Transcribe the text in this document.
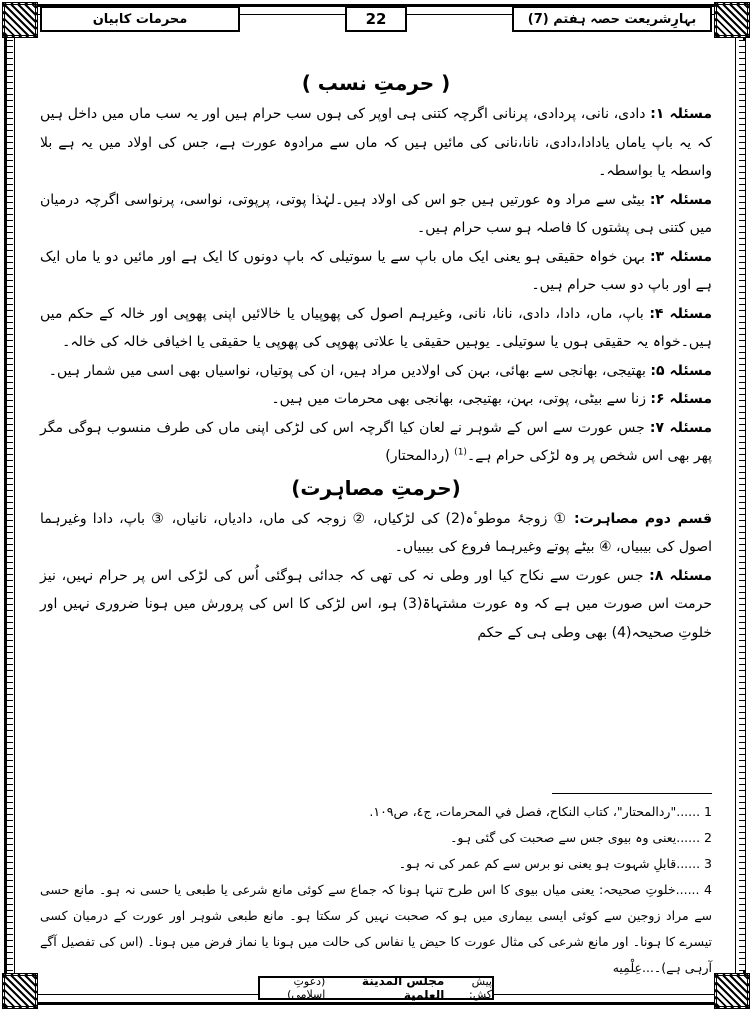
بہارِشریعت حصہ ہفتم (7)
22
محرمات کابیان

( حرمتِ نسب )

مسئلہ ۱: دادی، نانی، پردادی، پرنانی اگرچہ کتنی ہی اوپر کی ہوں سب حرام ہیں اور یہ سب ماں میں داخل ہیں کہ یہ باپ یاماں یادادا،دادی، نانا،نانی کی مائیں ہیں کہ ماں سے مرادوہ عورت ہے، جس کی اولاد میں یہ ہے بلا واسطہ یا بواسطہ۔

مسئلہ ۲: بیٹی سے مراد وہ عورتیں ہیں جو اس کی اولاد ہیں۔لہٰذا پوتی، پرپوتی، نواسی، پرنواسی اگرچہ درمیان میں کتنی ہی پشتوں کا فاصلہ ہو سب حرام ہیں۔

مسئلہ ۳: بہن خواہ حقیقی ہو یعنی ایک ماں باپ سے یا سوتیلی کہ باپ دونوں کا ایک ہے اور مائیں دو یا ماں ایک ہے اور باپ دو سب حرام ہیں۔

مسئلہ ۴: باپ، ماں، دادا، دادی، نانا، نانی، وغیرہم اصول کی پھوپیاں یا خالائیں اپنی پھوپی اور خالہ کے حکم میں ہیں۔خواہ یہ حقیقی ہوں یا سوتیلی۔ یوہیں حقیقی یا علاتی پھوپی کی پھوپی یا حقیقی یا اخیافی خالہ کی خالہ۔

مسئلہ ۵: بھتیجی، بھانجی سے بھائی، بہن کی اولادیں مراد ہیں، ان کی پوتیاں، نواسیاں بھی اسی میں شمار ہیں۔

مسئلہ ۶: زنا سے بیٹی، پوتی، بہن، بھتیجی، بھانجی بھی محرمات میں ہیں۔

مسئلہ ۷: جس عورت سے اس کے شوہر نے لعان کیا اگرچہ اس کی لڑکی اپنی ماں کی طرف منسوب ہوگی مگر پھر بھی اس شخص پر وہ لڑکی حرام ہے۔$^{(1)}$ (ردالمحتار)

(حرمتِ مصاہرت)

قسم دوم مصاہرت: ① زوجۂ موطوٴہ(2) کی لڑکیاں، ② زوجہ کی ماں، دادیاں، نانیاں، ③ باپ، دادا وغیرہما اصول کی بیبیاں، ④ بیٹے پوتے وغیرہما فروع کی بیبیاں۔

مسئلہ ۸: جس عورت سے نکاح کیا اور وطی نہ کی تھی کہ جدائی ہوگئی اُس کی لڑکی اس پر حرام نہیں، نیز حرمت اس صورت میں ہے کہ وہ عورت مشتہاۃ(3) ہو، اس لڑکی کا اس کی پرورش میں ہونا ضروری نہیں اور خلوتِ صحیحہ(4) بھی وطی ہی کے حکم

1 ......"ردالمحتار"، كتاب النكاح، فصل في المحرمات، ج٤، ص١٠٩.

2 ......یعنی وہ بیوی جس سے صحبت کی گئی ہو۔

3 ......قابلِ شہوت ہو یعنی نو برس سے کم عمر کی نہ ہو۔

4 ......خلوتِ صحیحہ: یعنی میاں بیوی کا اس طرح تنہا ہونا کہ جماع سے کوئی مانع شرعی یا طبعی یا حسی نہ ہو۔ مانع حسی سے مراد زوجین سے کوئی ایسی بیماری میں ہو کہ صحبت نہیں کر سکتا ہو۔ مانع طبعی شوہر اور عورت کے درمیان کسی تیسرے کا ہونا۔ اور مانع شرعی کی مثال عورت کا حیض یا نفاس کی حالت میں ہونا یا نماز فرض میں ہونا۔ (اس کی تفصیل آگے آرہی ہے)۔...عِلْمِیه

پیش کش:
مجلس المدینة العلمیة
(دعوتِ اسلامی)
